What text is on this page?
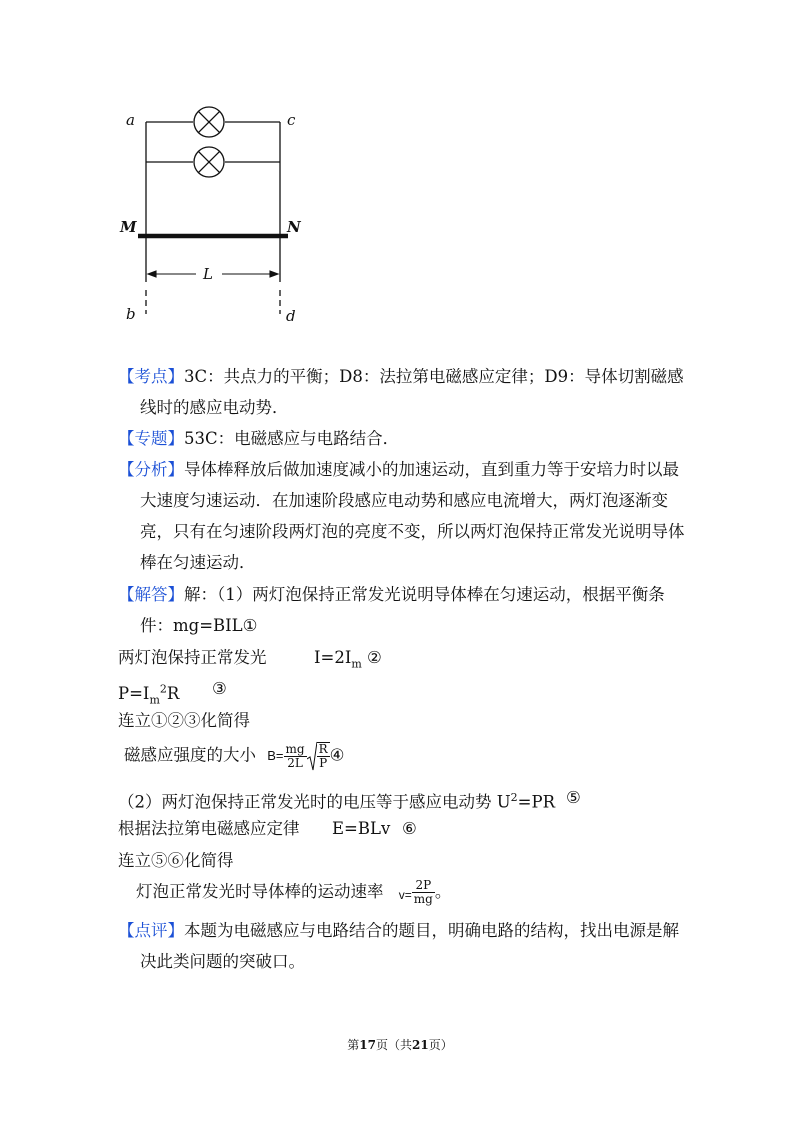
a	c
M	N
L
b	d
【考点】3C：共点力的平衡；D8：法拉第电磁感应定律；D9：导体切割磁感
线时的感应电动势．
【专题】53C：电磁感应与电路结合．
【分析】导体棒释放后做加速度减小的加速运动，直到重力等于安培力时以最
大速度匀速运动．在加速阶段感应电动势和感应电流增大，两灯泡逐渐变
亮，只有在匀速阶段两灯泡的亮度不变，所以两灯泡保持正常发光说明导体
棒在匀速运动．
【解答】解：（1）两灯泡保持正常发光说明导体棒在匀速运动，根据平衡条
件：mg=BIL①
两灯泡保持正常发光	$I=2I_m$ ②
$P=I_m^2R$ ③
连立①②③化简得
磁感应强度的大小 $B= \frac{mg}{2L} \frac{R}{P}$ ④
（2）两灯泡保持正常发光时的电压等于感应电动势 $U^2=PR$ ⑤
根据法拉第电磁感应定律 E=BLv ⑥
连立⑤⑥化简得
灯泡正常发光时导体棒的运动速率 $v= \frac{2P}{mg}$ 。
【点评】本题为电磁感应与电路结合的题目，明确电路的结构，找出电源是解
决此类问题的突破口。
第17页（共21页）
